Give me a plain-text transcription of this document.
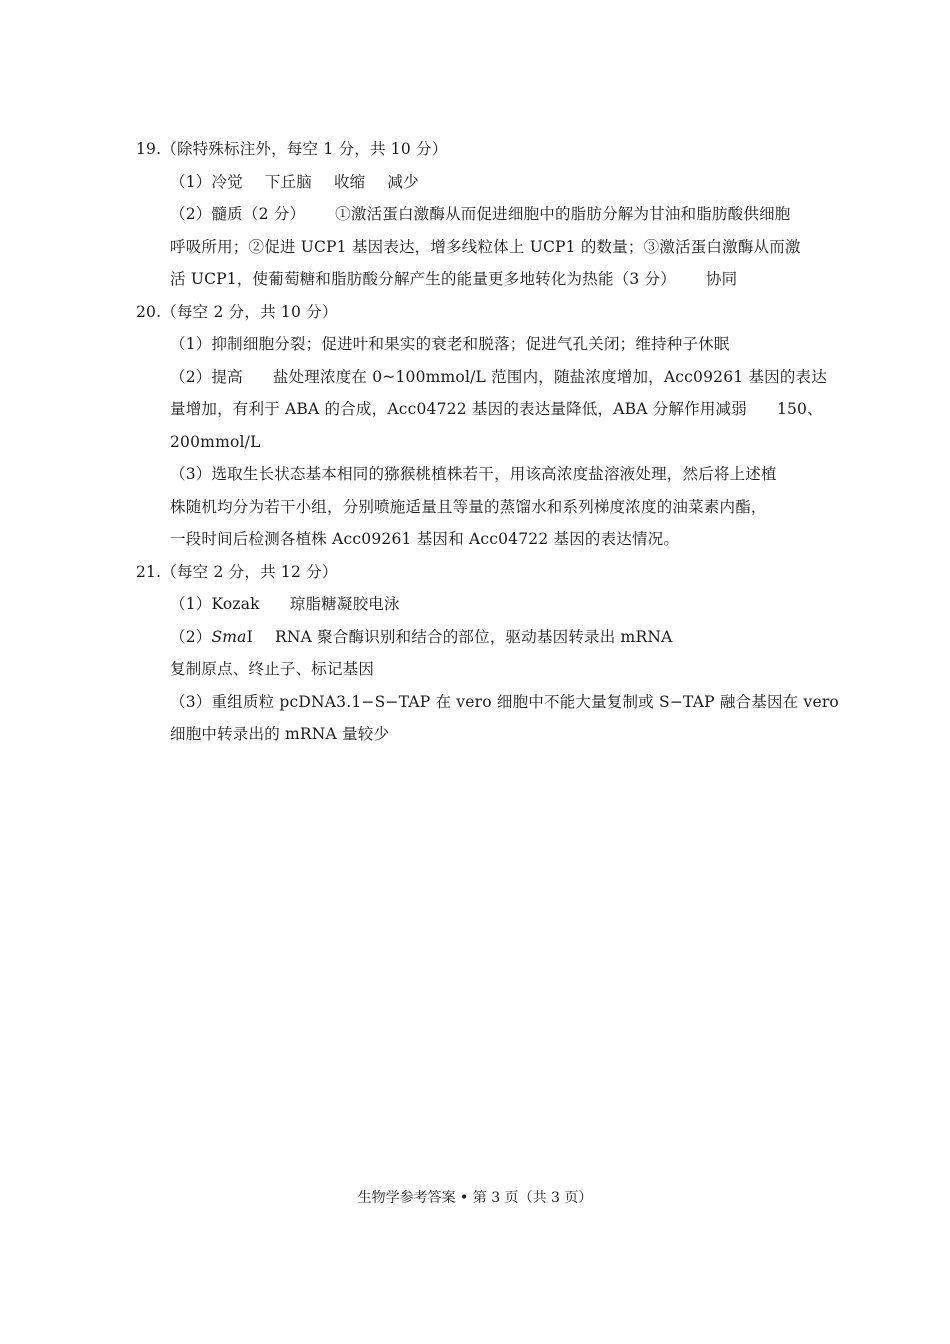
19.（除特殊标注外，每空 1 分，共 10 分）
（1）冷觉 下丘脑 收缩 减少
（2）髓质（2 分） ①激活蛋白激酶从而促进细胞中的脂肪分解为甘油和脂肪酸供细胞
呼吸所用；②促进 UCP1 基因表达，增多线粒体上 UCP1 的数量；③激活蛋白激酶从而激
活 UCP1，使葡萄糖和脂肪酸分解产生的能量更多地转化为热能（3 分） 协同
20.（每空 2 分，共 10 分）
（1）抑制细胞分裂；促进叶和果实的衰老和脱落；促进气孔关闭；维持种子休眠
（2）提高 盐处理浓度在 0~100mmol/L 范围内，随盐浓度增加，Acc09261 基因的表达
量增加，有利于 ABA 的合成，Acc04722 基因的表达量降低，ABA 分解作用减弱 150、
200mmol/L
（3）选取生长状态基本相同的猕猴桃植株若干，用该高浓度盐溶液处理，然后将上述植
株随机均分为若干小组，分别喷施适量且等量的蒸馏水和系列梯度浓度的油菜素内酯，
一段时间后检测各植株 Acc09261 基因和 Acc04722 基因的表达情况。
21.（每空 2 分，共 12 分）
（1）Kozak 琼脂糖凝胶电泳
（2）SmaⅠ RNA 聚合酶识别和结合的部位，驱动基因转录出 mRNA
复制原点、终止子、标记基因
（3）重组质粒 pcDNA3.1−S−TAP 在 vero 细胞中不能大量复制或 S−TAP 融合基因在 vero
细胞中转录出的 mRNA 量较少
生物学参考答案 • 第 3 页（共 3 页）
